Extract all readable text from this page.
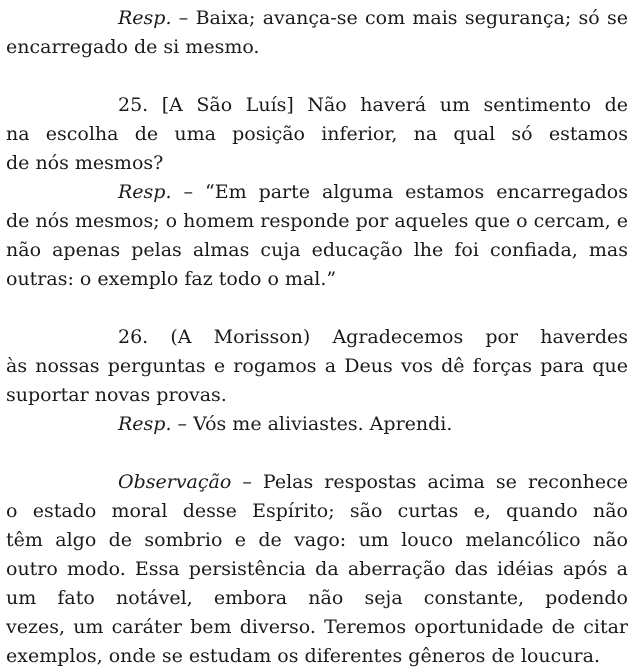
Resp. – Baixa; avança-se com mais segurança; só se
encarregado de si mesmo.
25. [A São Luís] Não haverá um sentimento de
na escolha de uma posição inferior, na qual só estamos
de nós mesmos?
Resp. – “Em parte alguma estamos encarregados
de nós mesmos; o homem responde por aqueles que o cercam, e
não apenas pelas almas cuja educação lhe foi confiada, mas
outras: o exemplo faz todo o mal.”
26. (A Morisson) Agradecemos por haverdes
às nossas perguntas e rogamos a Deus vos dê forças para que
suportar novas provas.
Resp. – Vós me aliviastes. Aprendi.
Observação – Pelas respostas acima se reconhece
o estado moral desse Espírito; são curtas e, quando não
têm algo de sombrio e de vago: um louco melancólico não
outro modo. Essa persistência da aberração das idéias após a
um fato notável, embora não seja constante, podendo
vezes, um caráter bem diverso. Teremos oportunidade de citar
exemplos, onde se estudam os diferentes gêneros de loucura.
